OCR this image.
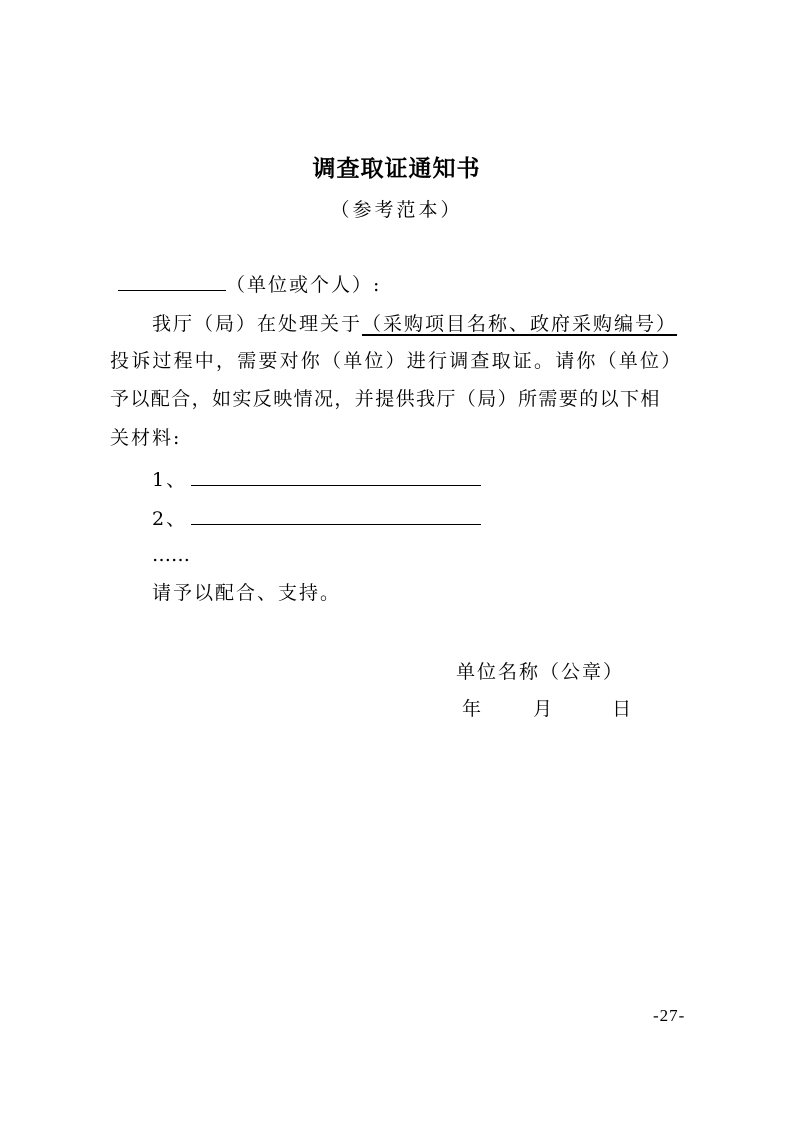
调查取证通知书
（参考范本）
（单位或个人）:
我厅（局）在处理关于（采购项目名称、政府采购编号）
投诉过程中，需要对你（单位）进行调查取证。请你（单位）
予以配合，如实反映情况，并提供我厅（局）所需要的以下相
关材料:
1、
2、
……
请予以配合、支持。
单位名称（公章）
年	月	日
-27-
